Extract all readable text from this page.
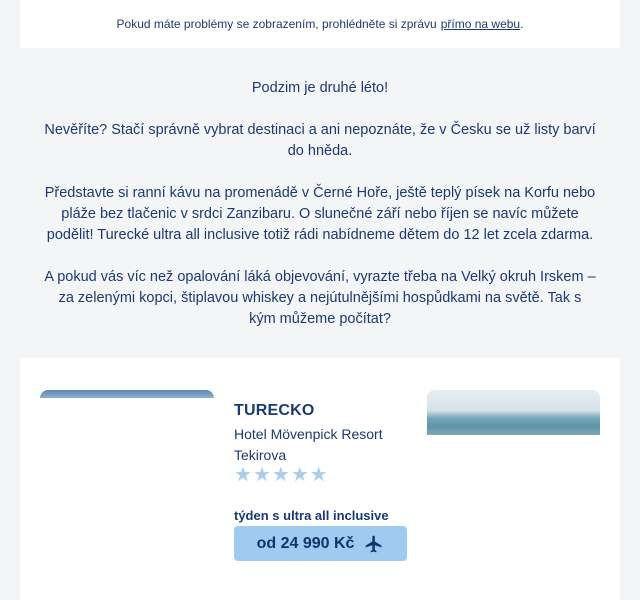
Pokud máte problémy se zobrazením, prohlédněte si zprávu přímo na webu .

Podzim je druhé léto!

Nevěříte? Stačí správně vybrat destinaci a ani nepoznáte, že v Česku se už listy barví do hněda.

Představte si ranní kávu na promenádě v Černé Hoře, ještě teplý písek na Korfu nebo pláže bez tlačenic v srdci Zanzibaru. O slunečné září nebo říjen se navíc můžete podělit! Turecké ultra all inclusive totiž rádi nabídneme dětem do 12 let zcela zdarma.

A pokud vás víc než opalování láká objevování, vyrazte třeba na Velký okruh Irskem – za zelenými kopci, štiplavou whiskey a nejútulnějšími hospůdkami na světě. Tak s kým můžeme počítat?

TURECKO
Hotel Mövenpick Resort Tekirova
★ ★ ★ ★ ★
týden s ultra all inclusive
od 24 990 Kč
